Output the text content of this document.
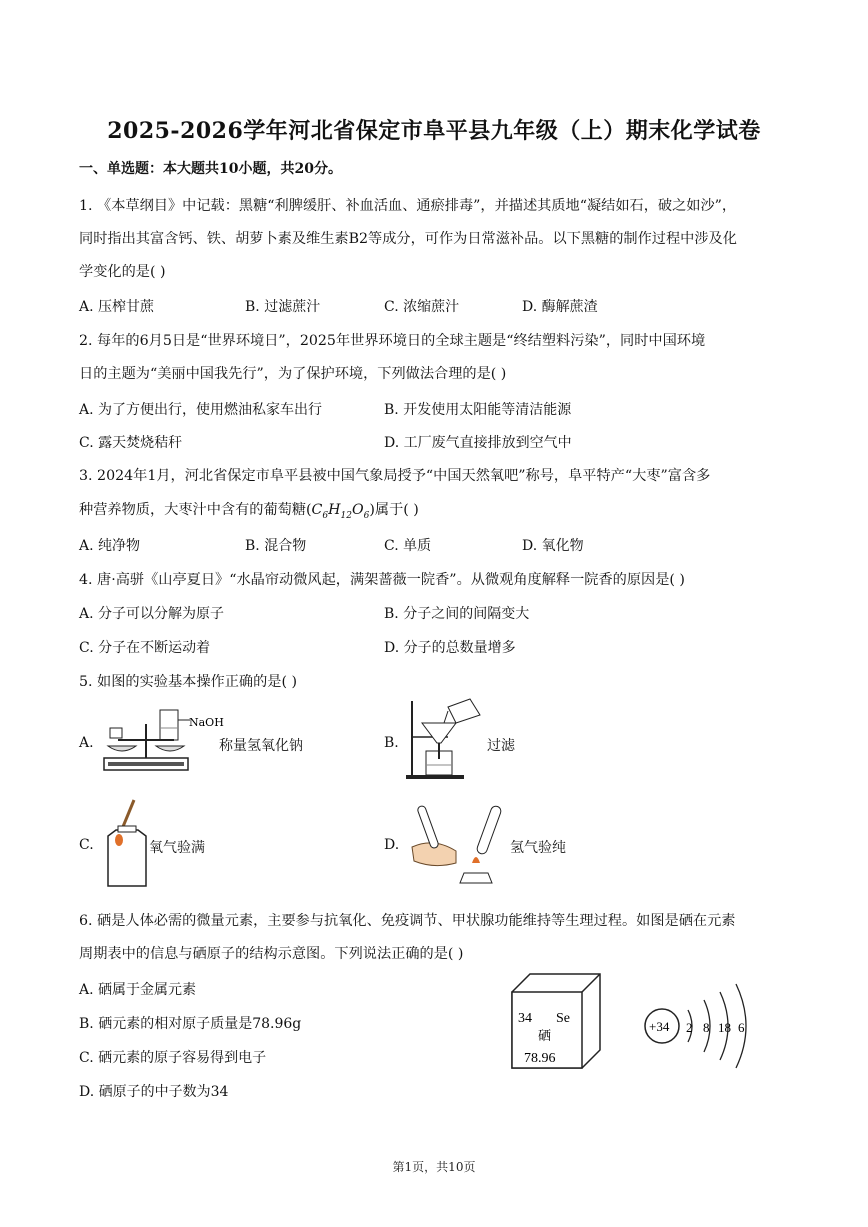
2025-2026学年河北省保定市阜平县九年级（上）期末化学试卷
一、单选题：本大题共10小题，共20分。
1. 《本草纲目》中记载：黑糖“利脾缓肝、补血活血、通瘀排毒”，并描述其质地“凝结如石，破之如沙”，
同时指出其富含钙、铁、胡萝卜素及维生素B2等成分，可作为日常滋补品。以下黑糖的制作过程中涉及化
学变化的是( )
A. 压榨甘蔗	B. 过滤蔗汁	C. 浓缩蔗汁	D. 酶解蔗渣
2. 每年的6月5日是“世界环境日”，2025年世界环境日的全球主题是“终结塑料污染”，同时中国环境
日的主题为“美丽中国我先行”，为了保护环境，下列做法合理的是( )
A. 为了方便出行，使用燃油私家车出行	B. 开发使用太阳能等清洁能源
C. 露天焚烧秸秆	D. 工厂废气直接排放到空气中
3. 2024年1月，河北省保定市阜平县被中国气象局授予“中国天然氧吧”称号，阜平特产“大枣”富含多
种营养物质，大枣汁中含有的葡萄糖$(C_6H_{12}O_6)$属于( )
A. 纯净物	B. 混合物	C. 单质	D. 氧化物
4. 唐·高骈《山亭夏日》“水晶帘动微风起，满架蔷薇一院香”。从微观角度解释一院香的原因是( )
A. 分子可以分解为原子	B. 分子之间的间隔变大
C. 分子在不断运动着	D. 分子的总数量增多
5. 如图的实验基本操作正确的是( )
A.
NaOH
称量氢氧化钠	B.	过滤
C.	氧气验满	D.	氢气验纯
6. 硒是人体必需的微量元素，主要参与抗氧化、免疫调节、甲状腺功能维持等生理过程。如图是硒在元素
周期表中的信息与硒原子的结构示意图。下列说法正确的是( )
A. 硒属于金属元素
B. 硒元素的相对原子质量是78.96g
C. 硒元素的原子容易得到电子
D. 硒原子的中子数为34
34 Se
硒
78.96
+34 2 8 18 6
第1页，共10页
